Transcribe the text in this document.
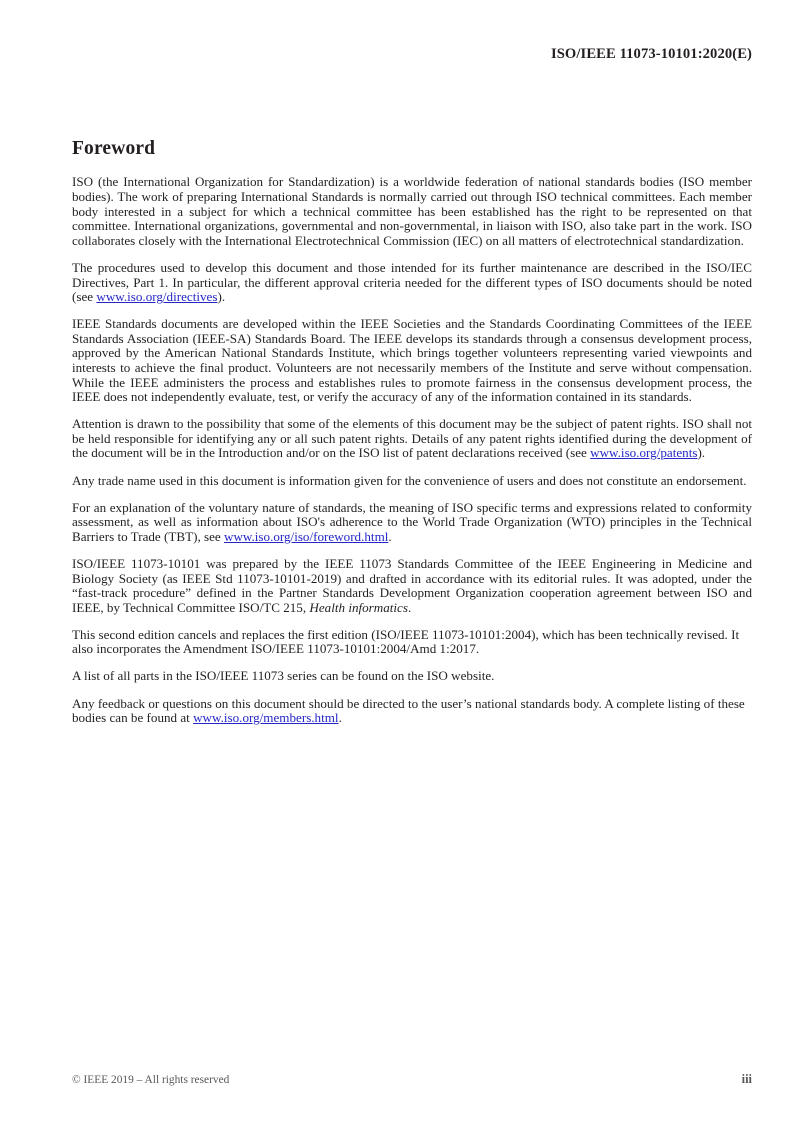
ISO/IEEE 11073-10101:2020(E)
Foreword

ISO (the International Organization for Standardization) is a worldwide federation of national standards bodies (ISO member bodies). The work of preparing International Standards is normally carried out through ISO technical committees. Each member body interested in a subject for which a technical committee has been established has the right to be represented on that committee. International organizations, governmental and non-governmental, in liaison with ISO, also take part in the work. ISO collaborates closely with the International Electrotechnical Commission (IEC) on all matters of electrotechnical standardization.

The procedures used to develop this document and those intended for its further maintenance are described in the ISO/IEC Directives, Part 1. In particular, the different approval criteria needed for the different types of ISO documents should be noted (see www.iso.org/directives).

IEEE Standards documents are developed within the IEEE Societies and the Standards Coordinating Committees of the IEEE Standards Association (IEEE-SA) Standards Board. The IEEE develops its standards through a consensus development process, approved by the American National Standards Institute, which brings together volunteers representing varied viewpoints and interests to achieve the final product. Volunteers are not necessarily members of the Institute and serve without compensation. While the IEEE administers the process and establishes rules to promote fairness in the consensus development process, the IEEE does not independently evaluate, test, or verify the accuracy of any of the information contained in its standards.

Attention is drawn to the possibility that some of the elements of this document may be the subject of patent rights. ISO shall not be held responsible for identifying any or all such patent rights. Details of any patent rights identified during the development of the document will be in the Introduction and/or on the ISO list of patent declarations received (see www.iso.org/patents).

Any trade name used in this document is information given for the convenience of users and does not constitute an endorsement.

For an explanation of the voluntary nature of standards, the meaning of ISO specific terms and expressions related to conformity assessment, as well as information about ISO's adherence to the World Trade Organization (WTO) principles in the Technical Barriers to Trade (TBT), see www.iso.org/iso/foreword.html.

ISO/IEEE 11073-10101 was prepared by the IEEE 11073 Standards Committee of the IEEE Engineering in Medicine and Biology Society (as IEEE Std 11073-10101-2019) and drafted in accordance with its editorial rules. It was adopted, under the “fast-track procedure” defined in the Partner Standards Development Organization cooperation agreement between ISO and IEEE, by Technical Committee ISO/TC 215, Health informatics.

This second edition cancels and replaces the first edition (ISO/IEEE 11073-10101:2004), which has been technically revised. It also incorporates the Amendment ISO/IEEE 11073-10101:2004/Amd 1:2017.

A list of all parts in the ISO/IEEE 11073 series can be found on the ISO website.

Any feedback or questions on this document should be directed to the user’s national standards body. A complete listing of these bodies can be found at www.iso.org/members.html.

© IEEE 2019 – All rights reserved	iii
